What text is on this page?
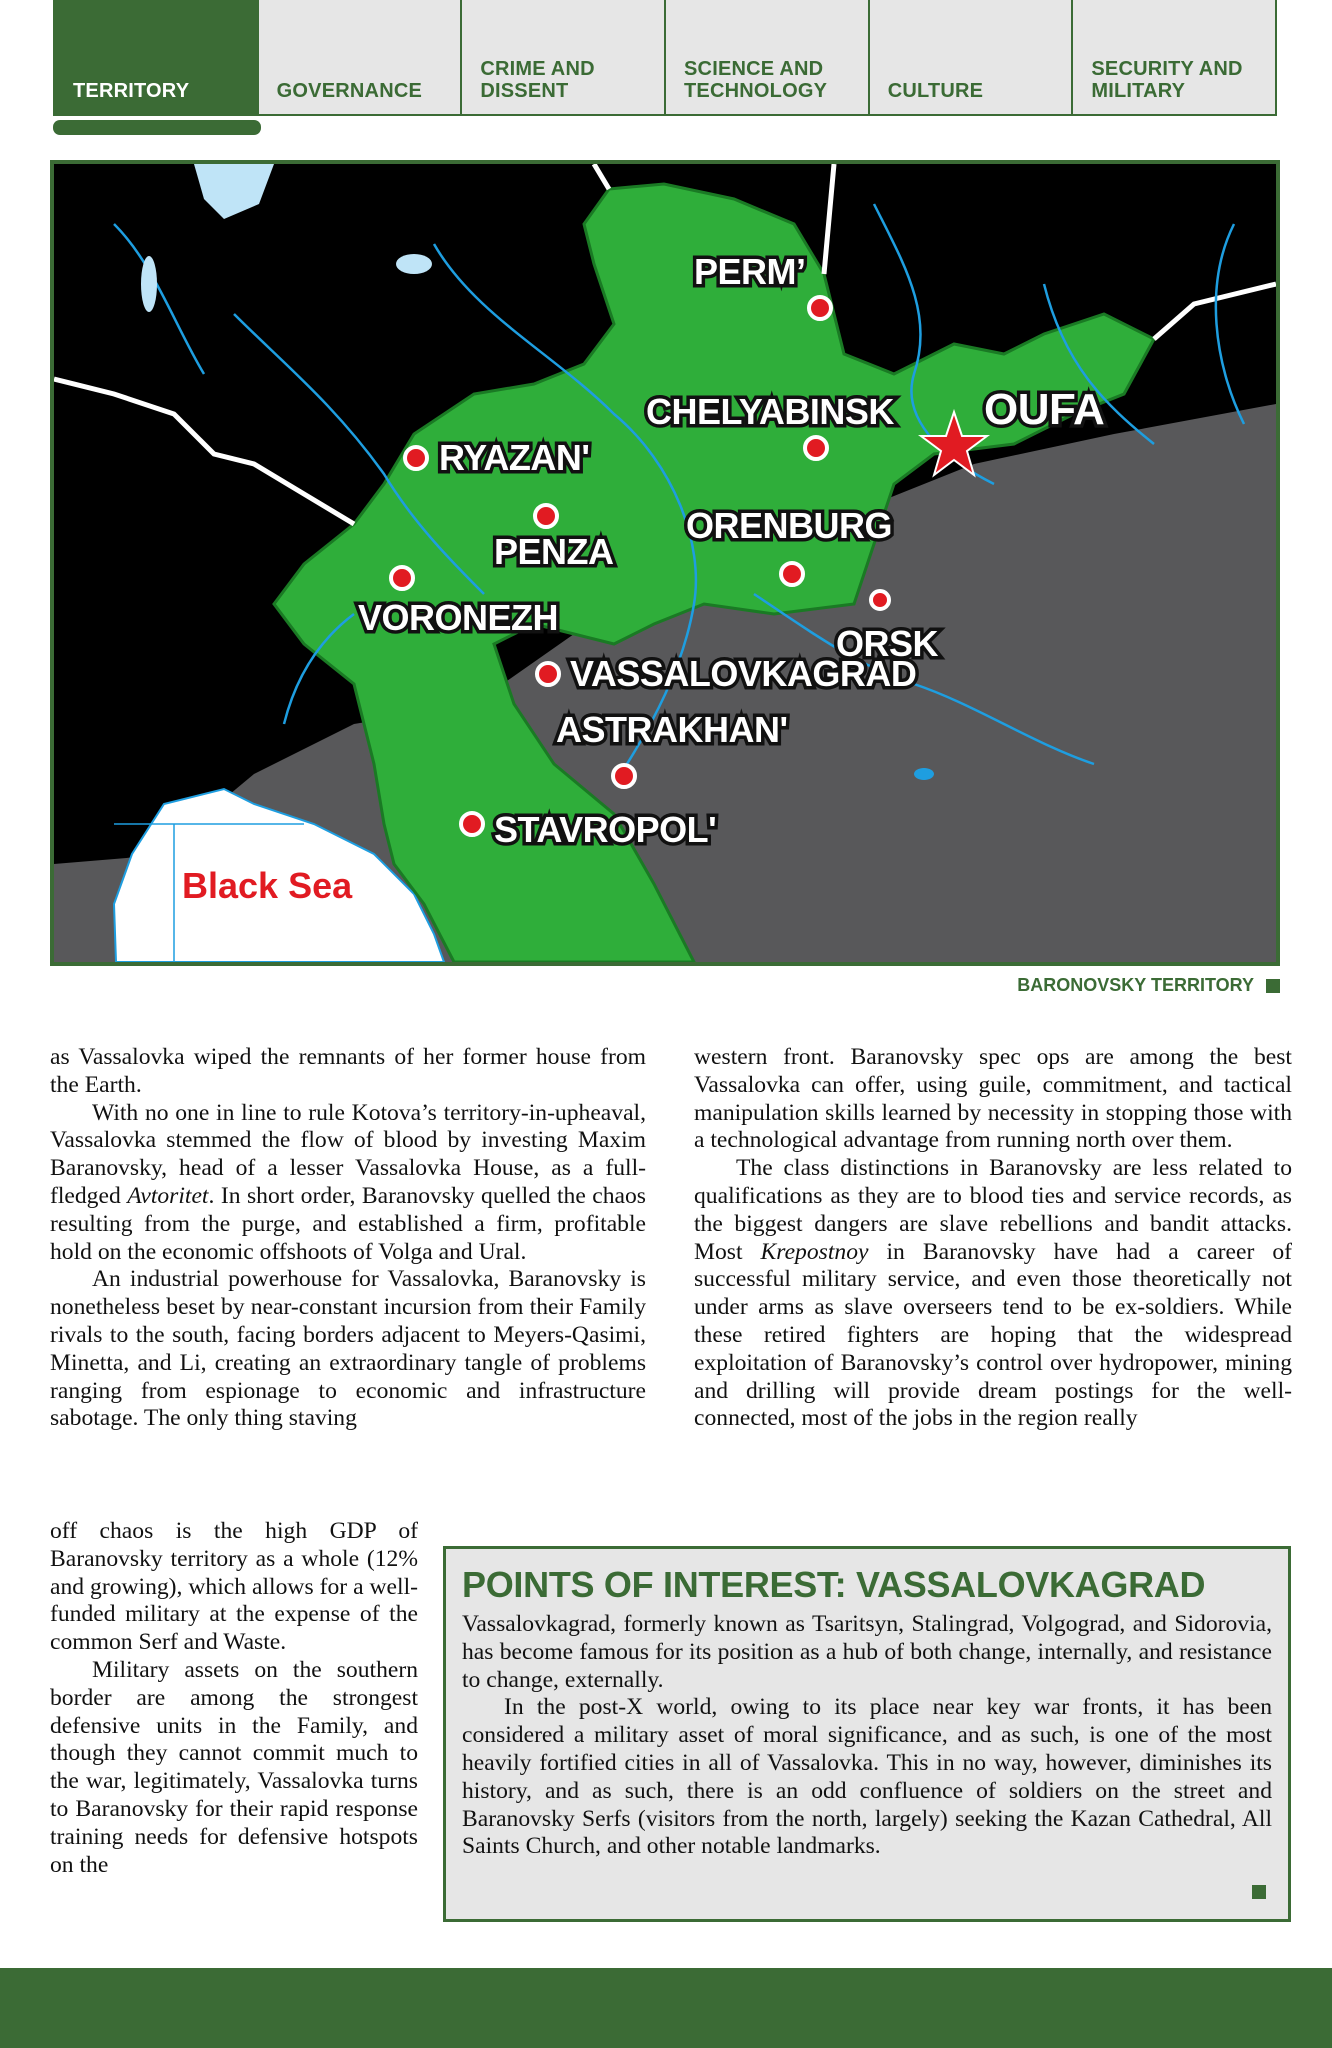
TERRITORY	GOVERNANCE
CRIME AND DISSENT
SCIENCE AND TECHNOLOGY	CULTURE
SECURITY AND MILITARY
PERM’
CHELYABINSK OUFA
RYAZAN'
PENZA
ORENBURG
VORONEZH
ORSK
VASSALOVKAGRAD
ASTRAKHAN'
STAVROPOL'
Black Sea
BARONOVSKY TERRITORY

as Vassalovka wiped the remnants of her former house from the Earth.

With no one in line to rule Kotova’s territory-in-upheaval, Vassalovka stemmed the flow of blood by investing Maxim Baranovsky, head of a lesser Vassalovka House, as a full-fledged Avtoritet. In short order, Baranovsky quelled the chaos resulting from the purge, and established a firm, profitable hold on the economic offshoots of Volga and Ural.

An industrial powerhouse for Vassalovka, Baranovsky is nonetheless beset by near-constant incursion from their Family rivals to the south, facing borders adjacent to Meyers-Qasimi, Minetta, and Li, creating an extraordinary tangle of problems ranging from espionage to economic and infrastructure sabotage. The only thing staving

off chaos is the high GDP of Baranovsky territory as a whole (12% and growing), which allows for a well-funded military at the expense of the common Serf and Waste.

Military assets on the southern border are among the strongest defensive units in the Family, and though they cannot commit much to the war, legitimately, Vassalovka turns to Baranovsky for their rapid response training needs for defensive hotspots on the

western front. Baranovsky spec ops are among the best Vassalovka can offer, using guile, commitment, and tactical manipulation skills learned by necessity in stopping those with a technological advantage from running north over them.

The class distinctions in Baranovsky are less related to qualifications as they are to blood ties and service records, as the biggest dangers are slave rebellions and bandit attacks. Most Krepostnoy in Baranovsky have had a career of successful military service, and even those theoretically not under arms as slave overseers tend to be ex-soldiers. While these retired fighters are hoping that the widespread exploitation of Baranovsky’s control over hydropower, mining and drilling will provide dream postings for the well-connected, most of the jobs in the region really

POINTS OF INTEREST: VASSALOVKAGRAD

Vassalovkagrad, formerly known as Tsaritsyn, Stalingrad, Volgograd, and Sidorovia, has become famous for its position as a hub of both change, internally, and resistance to change, externally.

In the post-X world, owing to its place near key war fronts, it has been considered a military asset of moral significance, and as such, is one of the most heavily fortified cities in all of Vassalovka. This in no way, however, diminishes its history, and as such, there is an odd confluence of soldiers on the street and Baranovsky Serfs (visitors from the north, largely) seeking the Kazan Cathedral, All Saints Church, and other notable landmarks.
